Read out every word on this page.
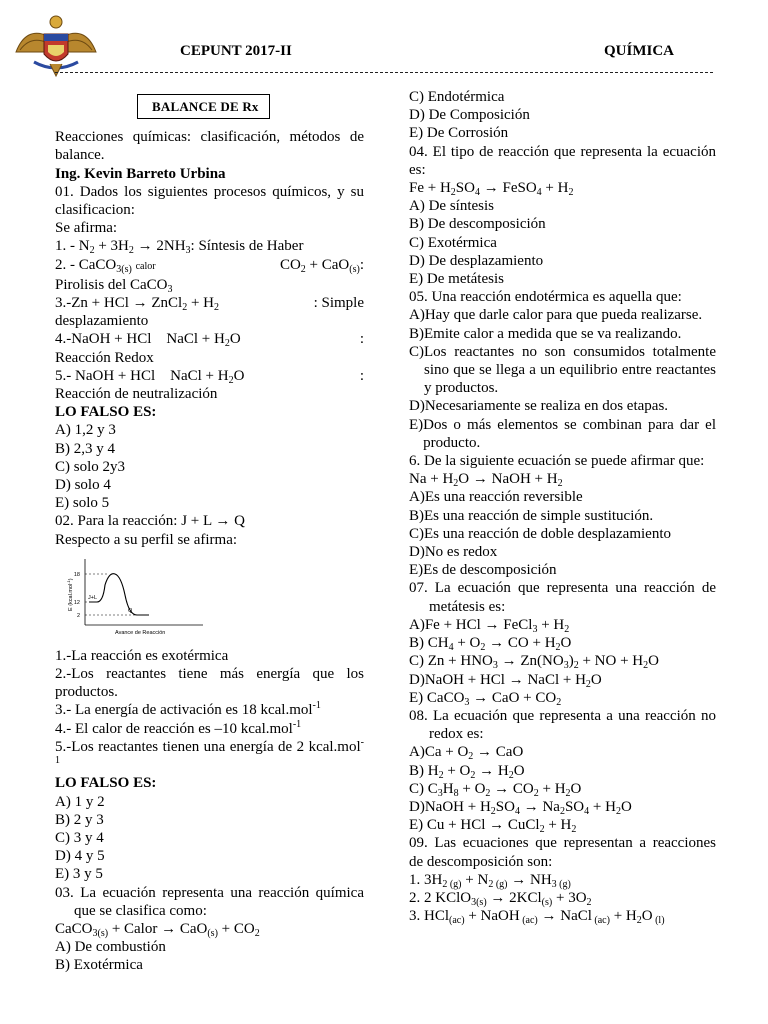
CEPUNT 2017-II	QUÍMICA
BALANCE DE Rx
Reacciones químicas: clasificación, métodos de balance.
Ing. Kevin Barreto Urbina
01. Dados los siguientes procesos químicos, y su clasificacion:
Se afirma:
1. - $N_2 + 3H_2 \to 2NH_3$: Síntesis de Haber
2. - CaCO$_{3(s)}$ calor	$CO_2 + CaO_{(s)}$:
Pirolisis del CaCO$_3$
3.-Zn + HCl → ZnCl$_2$ + $H_2$	: Simple
desplazamiento
4.-NaOH + HCl NaCl + $H_2O$	:
Reacción Redox
5.- NaOH + HCl NaCl + $H_2O$	:
Reacción de neutralización
LO FALSO ES:
A) 1,2 y 3
B) 2,3 y 4
C) solo 2y3
D) solo 4
E) solo 5
02. Para la reacción: J + L → Q
Respecto a su perfil se afirma:
18
12
2
J+L
Q
Avance de Reacción
E (kcal.mol$^{-1}$)
1.-La reacción es exotérmica
2.-Los reactantes tiene más energía que los productos.
3.- La energía de activación es 18 kcal.mol$^{-1}$
4.- El calor de reacción es –10 kcal.mol$^{-1}$
5.-Los reactantes tienen una energía de 2 kcal.mol$^{-1}$
LO FALSO ES:
A) 1 y 2
B) 2 y 3
C) 3 y 4
D) 4 y 5
E) 3 y 5
03. La ecuación representa una reacción química que se clasifica como:
CaCO$_{3(s)}$ + Calor → $CaO_{(s)} + CO_2$
A) De combustión
B) Exotérmica
C) Endotérmica
D) De Composición
E) De Corrosión
04. El tipo de reacción que representa la ecuación es:
$Fe + H_2SO_4$ → FeSO$_4$ + $H_2$
A) De síntesis
B) De descomposición
C) Exotérmica
D) De desplazamiento
E) De metátesis
05. Una reacción endotérmica es aquella que:
A) Hay que darle calor para que pueda realizarse.
B) Emite calor a medida que se va realizando.
C) Los reactantes no son consumidos totalmente sino que se llega a un equilibrio entre reactantes y productos.
D) Necesariamente se realiza en dos etapas.
E) Dos o más elementos se combinan para dar el producto.
6. De la siguiente ecuación se puede afirmar que:
$Na + H_2O$ → NaOH + $H_2$
A) Es una reacción reversible
B) Es una reacción de simple sustitución.
C) Es una reacción de doble desplazamiento
D) No es redox
E) Es de descomposición
07. La ecuación que representa una reacción de metátesis es:
A)Fe + HCl → FeCl$_3$ + $H_2$
B) $CH_4 + O_2$ → CO + $H_2O$
C) $Zn + HNO_3 \to Zn(NO_3)_2$ + NO + $H_2O$
D)NaOH + HCl → NaCl + $H_2O$
E) CaCO$_3$ → CaO + $CO_2$
08. La ecuación que representa a una reacción no redox es:
$A)Ca + O_2$ → CaO
B) $H_2 + O_2 \to H_2O$
C) $C_3H_8 + O_2 \to CO_2 + H_2O$
D)NaOH + $H_2SO_4 \to Na_2SO_4 + H_2O$
E) Cu + HCl → CuCl$_2$ + $H_2$
09. Las ecuaciones que representan a reacciones de descomposición son:
1. $3H_{2 (g)} + N_{2 (g)} \to NH_{3 (g)}$
2. 2 KClO$_{3(s)}$ → $2KCl_{(s)} + 3O_2$
3. HCl$_{(ac)}$ + NaOH $_{(ac)}$ → NaCl $_{(ac)} + H_2O$ $_{(l)}$
